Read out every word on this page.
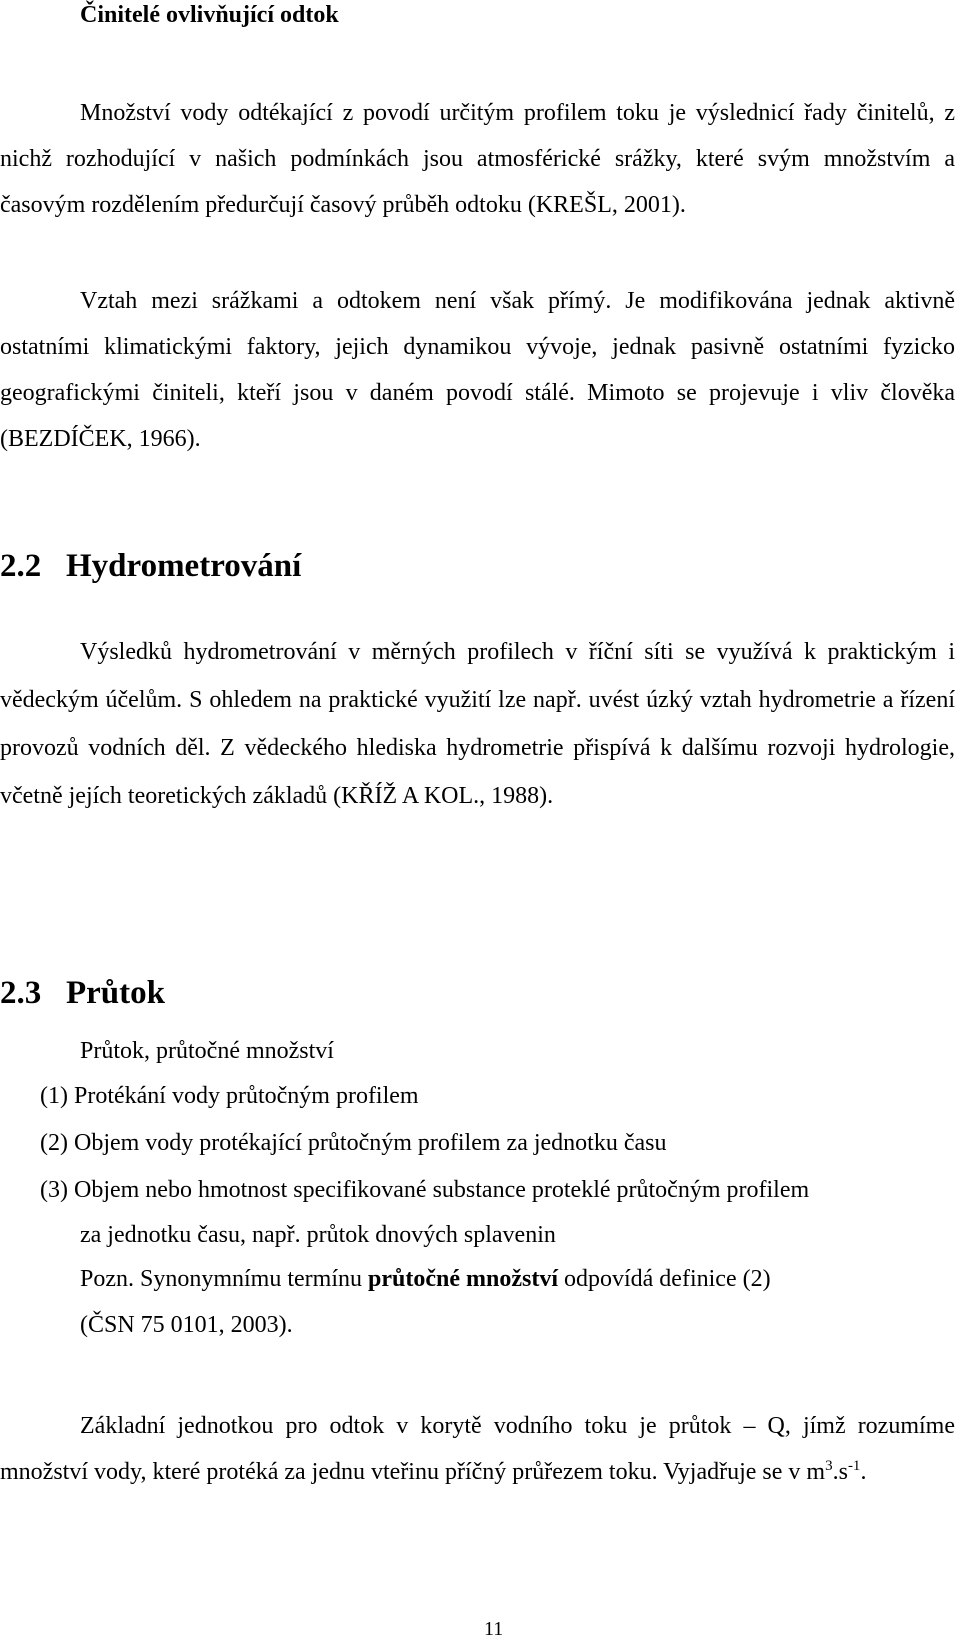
Činitelé ovlivňující odtok
Množství vody odtékající z povodí určitým profilem toku je výslednicí řady činitelů, z nichž rozhodující v našich podmínkách jsou atmosférické srážky, které svým množstvím a časovým rozdělením předurčují časový průběh odtoku (KREŠL, 2001).
Vztah mezi srážkami a odtokem není však přímý. Je modifikována jednak aktivně ostatními klimatickými faktory, jejich dynamikou vývoje, jednak pasivně ostatními fyzicko geografickými činiteli, kteří jsou v daném povodí stálé. Mimoto se projevuje i vliv člověka (BEZDÍČEK, 1966).
2.2 Hydrometrování
Výsledků hydrometrování v měrných profilech v říční síti se využívá k praktickým i vědeckým účelům. S ohledem na praktické využití lze např. uvést úzký vztah hydrometrie a řízení provozů vodních děl. Z vědeckého hlediska hydrometrie přispívá k dalšímu rozvoji hydrologie, včetně jejích teoretických základů (KŘÍŽ A KOL., 1988).
2.3 Průtok
Průtok, průtočné množství
(1) Protékání vody průtočným profilem
(2) Objem vody protékající průtočným profilem za jednotku času
(3) Objem nebo hmotnost specifikované substance proteklé průtočným profilem
za jednotku času, např. průtok dnových splavenin
Pozn. Synonymnímu termínu průtočné množství odpovídá definice (2)
(ČSN 75 0101, 2003).
Základní jednotkou pro odtok v korytě vodního toku je průtok – Q, jímž rozumíme množství vody, které protéká za jednu vteřinu příčný průřezem toku. Vyjadřuje se v $m^3.s^{-1}$.
11
